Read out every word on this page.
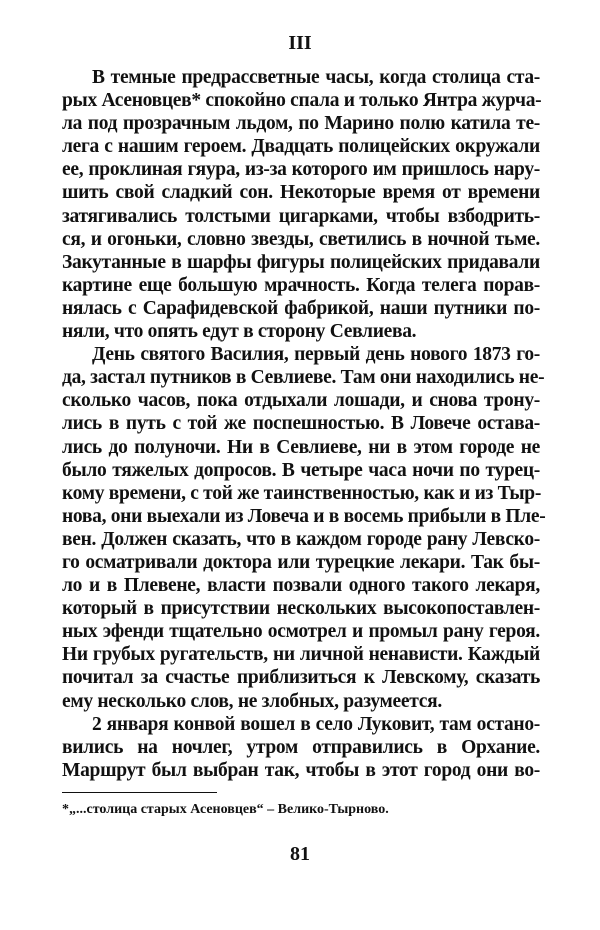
III
В темные предрассветные часы, когда столица ста-
рых Асеновцев* спокойно спала и только Янтра журча-
ла под прозрачным льдом, по Марино полю катила те-
лега с нашим героем. Двадцать полицейских окружали
ее, проклиная гяура, из-за которого им пришлось нару-
шить свой сладкий сон. Некоторые время от времени
затягивались толстыми цигарками, чтобы взбодрить-
ся, и огоньки, словно звезды, светились в ночной тьме.
Закутанные в шарфы фигуры полицейских придавали
картине еще большую мрачность. Когда телега порав-
нялась с Сарафидевской фабрикой, наши путники по-
няли, что опять едут в сторону Севлиева.
День святого Василия, первый день нового 1873 го-
да, застал путников в Севлиеве. Там они находились не-
сколько часов, пока отдыхали лошади, и снова трону-
лись в путь с той же поспешностью. В Ловече остава-
лись до полуночи. Ни в Севлиеве, ни в этом городе не
было тяжелых допросов. В четыре часа ночи по турец-
кому времени, с той же таинственностью, как и из Тыр-
нова, они выехали из Ловеча и в восемь прибыли в Пле-
вен. Должен сказать, что в каждом городе рану Левско-
го осматривали доктора или турецкие лекари. Так бы-
ло и в Плевене, власти позвали одного такого лекаря,
который в присутствии нескольких высокопоставлен-
ных эфенди тщательно осмотрел и промыл рану героя.
Ни грубых ругательств, ни личной ненависти. Каждый
почитал за счастье приблизиться к Левскому, сказать
ему несколько слов, не злобных, разумеется.
2 января конвой вошел в село Луковит, там остано-
вились на ночлег, утром отправились в Орхание.
Маршрут был выбран так, чтобы в этот город они во-
*„...столица старых Асеновцев“ – Велико-Тырново.
81
